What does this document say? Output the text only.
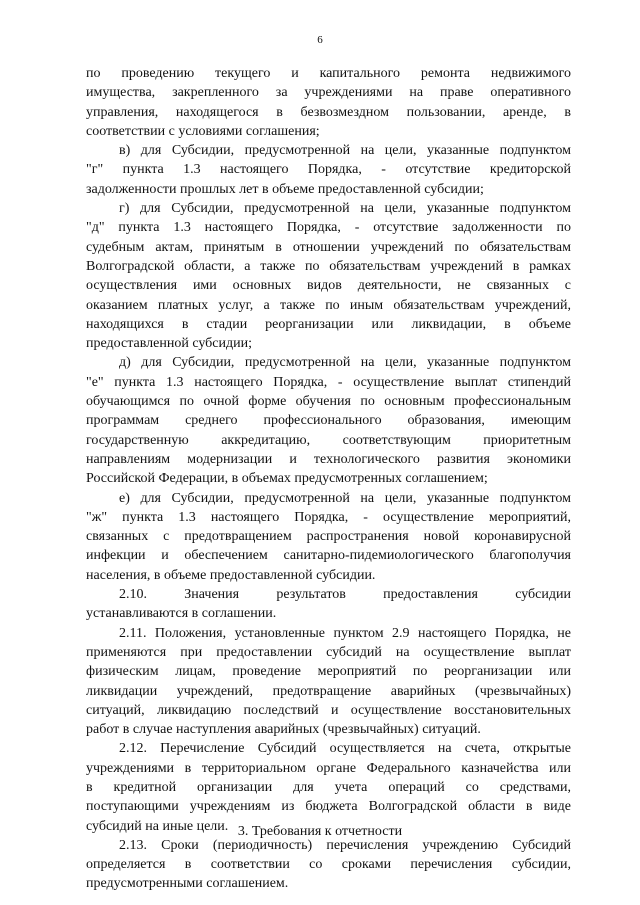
6

по проведению текущего и капитального ремонта недвижимого
имущества, закрепленного за учреждениями на праве оперативного
управления, находящегося в безвозмездном пользовании, аренде, в
соответствии с условиями соглашения;

в) для Субсидии, предусмотренной на цели, указанные подпунктом
"г" пункта 1.3 настоящего Порядка, - отсутствие кредиторской
задолженности прошлых лет в объеме предоставленной субсидии;

г) для Субсидии, предусмотренной на цели, указанные подпунктом
"д" пункта 1.3 настоящего Порядка, - отсутствие задолженности по
судебным актам, принятым в отношении учреждений по обязательствам
Волгоградской области, а также по обязательствам учреждений в рамках
осуществления ими основных видов деятельности, не связанных с
оказанием платных услуг, а также по иным обязательствам учреждений,
находящихся в стадии реорганизации или ликвидации, в объеме
предоставленной субсидии;

д) для Субсидии, предусмотренной на цели, указанные подпунктом
"е" пункта 1.3 настоящего Порядка, - осуществление выплат стипендий
обучающимся по очной форме обучения по основным профессиональным
программам среднего профессионального образования, имеющим
государственную аккредитацию, соответствующим приоритетным
направлениям модернизации и технологического развития экономики
Российской Федерации, в объемах предусмотренных соглашением;

е) для Субсидии, предусмотренной на цели, указанные подпунктом
"ж" пункта 1.3 настоящего Порядка, - осуществление мероприятий,
связанных с предотвращением распространения новой коронавирусной
инфекции и обеспечением санитарно-пидемиологического благополучия
населения, в объеме предоставленной субсидии.

2.10. Значения результатов предоставления субсидии
устанавливаются в соглашении.

2.11. Положения, установленные пунктом 2.9 настоящего Порядка, не
применяются при предоставлении субсидий на осуществление выплат
физическим лицам, проведение мероприятий по реорганизации или
ликвидации учреждений, предотвращение аварийных (чрезвычайных)
ситуаций, ликвидацию последствий и осуществление восстановительных
работ в случае наступления аварийных (чрезвычайных) ситуаций.

2.12. Перечисление Субсидий осуществляется на счета, открытые
учреждениями в территориальном органе Федерального казначейства или
в кредитной организации для учета операций со средствами,
поступающими учреждениям из бюджета Волгоградской области в виде
субсидий на иные цели.

2.13. Сроки (периодичность) перечисления учреждению Субсидий
определяется в соответствии со сроками перечисления субсидии,
предусмотренными соглашением.

3. Требования к отчетности
